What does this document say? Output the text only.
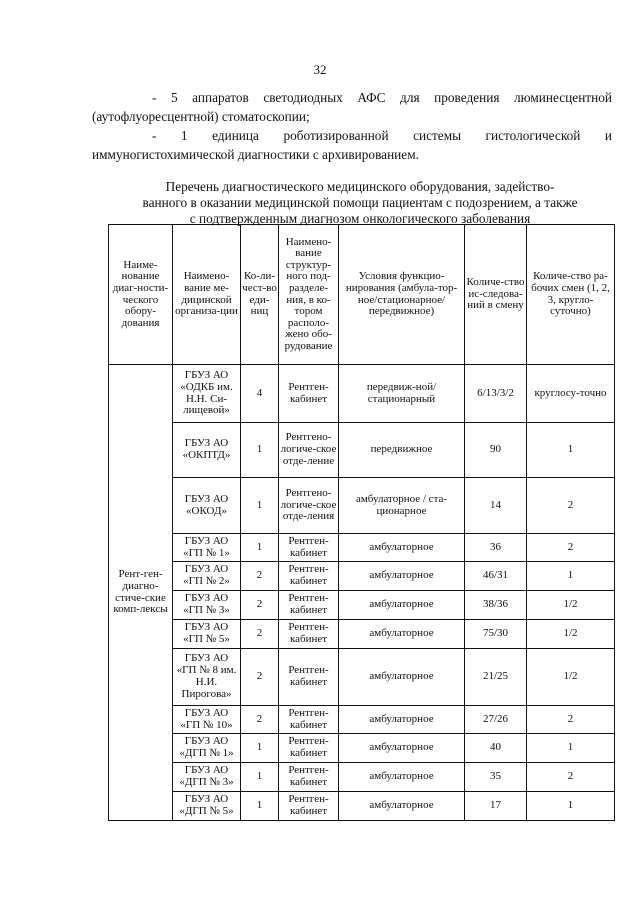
32

- 5 аппаратов светодиодных АФС для проведения люминесцентной (аутофлуоресцентной) стоматоскопии;

- 1 единица роботизированной системы гистологической и иммуногистохимической диагностики с архивированием.

Перечень диагностического медицинского оборудования, задейство-

ванного в оказании медицинской помощи пациентам с подозрением, а также

с подтвержденным диагнозом онкологического заболевания

Наиме-нование диаг-ности-ческого обору-дования	Наимено-вание ме-дицинской организа-ции	Ко-ли-чест-во еди-ниц	Наимено-вание структур-ного под-разделе-ния, в ко-тором располо-жено обо-рудование	Условия функцио-нирования (амбула-тор-ное/стационарное/ передвижное)	Количе-ство ис-следова-ний в смену	Количе-ство ра-бочих смен (1, 2, 3, кругло-суточно)
Рент-ген-диагно-стиче-ские комп-лексы	ГБУЗ АО «ОДКБ им. Н.Н. Си-лищевой»	4	Рентген-кабинет	передвиж-ной/стационарный	6/13/3/2	круглосу-точно
	ГБУЗ АО «ОКПТД»	1	Рентгено-логиче-ское отде-ление	передвижное	90	1
	ГБУЗ АО «ОКОД»	1	Рентгено-логиче-ское отде-ления	амбулаторное / ста-ционарное	14	2
	ГБУЗ АО «ГП № 1»	1	Рентген-кабинет	амбулаторное	36	2
	ГБУЗ АО «ГП № 2»	2	Рентген-кабинет	амбулаторное	46/31	1
	ГБУЗ АО «ГП № 3»	2	Рентген-кабинет	амбулаторное	38/36	1/2
	ГБУЗ АО «ГП № 5»	2	Рентген-кабинет	амбулаторное	75/30	1/2
	ГБУЗ АО «ГП № 8 им. Н.И. Пирогова»	2	Рентген-кабинет	амбулаторное	21/25	1/2
	ГБУЗ АО «ГП № 10»	2	Рентген-кабинет	амбулаторное	27/26	2
	ГБУЗ АО «ДГП № 1»	1	Рентген-кабинет	амбулаторное	40	1
	ГБУЗ АО «ДГП № 3»	1	Рентген-кабинет	амбулаторное	35	2
	ГБУЗ АО «ДГП № 5»	1	Рентген-кабинет	амбулаторное	17	1
